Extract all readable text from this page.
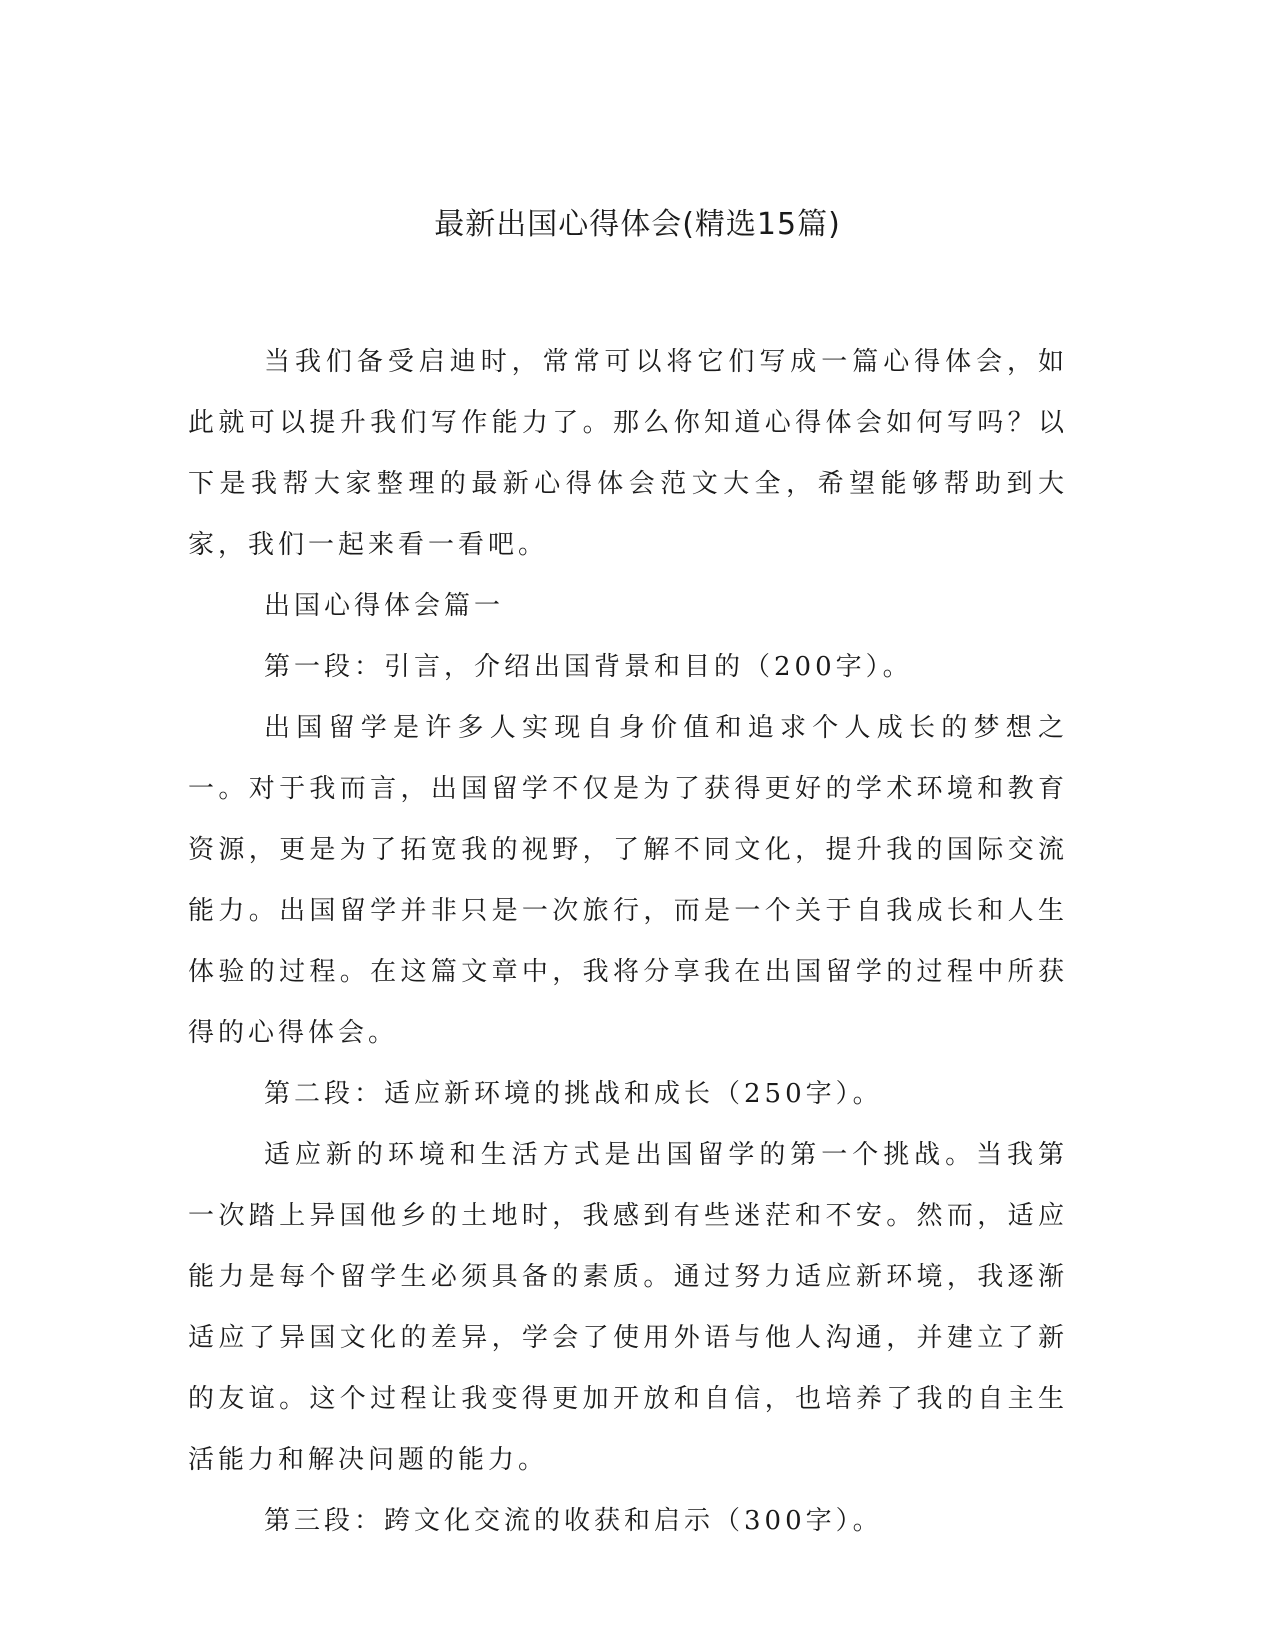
最新出国心得体会(精选15篇)

当我们备受启迪时，常常可以将它们写成一篇心得体会，如此就可以提升我们写作能力了。那么你知道心得体会如何写吗？以下是我帮大家整理的最新心得体会范文大全，希望能够帮助到大家，我们一起来看一看吧。

出国心得体会篇一

第一段：引言，介绍出国背景和目的（200字）。

出国留学是许多人实现自身价值和追求个人成长的梦想之一。对于我而言，出国留学不仅是为了获得更好的学术环境和教育资源，更是为了拓宽我的视野，了解不同文化，提升我的国际交流能力。出国留学并非只是一次旅行，而是一个关于自我成长和人生体验的过程。在这篇文章中，我将分享我在出国留学的过程中所获得的心得体会。

第二段：适应新环境的挑战和成长（250字）。

适应新的环境和生活方式是出国留学的第一个挑战。当我第一次踏上异国他乡的土地时，我感到有些迷茫和不安。然而，适应能力是每个留学生必须具备的素质。通过努力适应新环境，我逐渐适应了异国文化的差异，学会了使用外语与他人沟通，并建立了新的友谊。这个过程让我变得更加开放和自信，也培养了我的自主生活能力和解决问题的能力。

第三段：跨文化交流的收获和启示（300字）。
